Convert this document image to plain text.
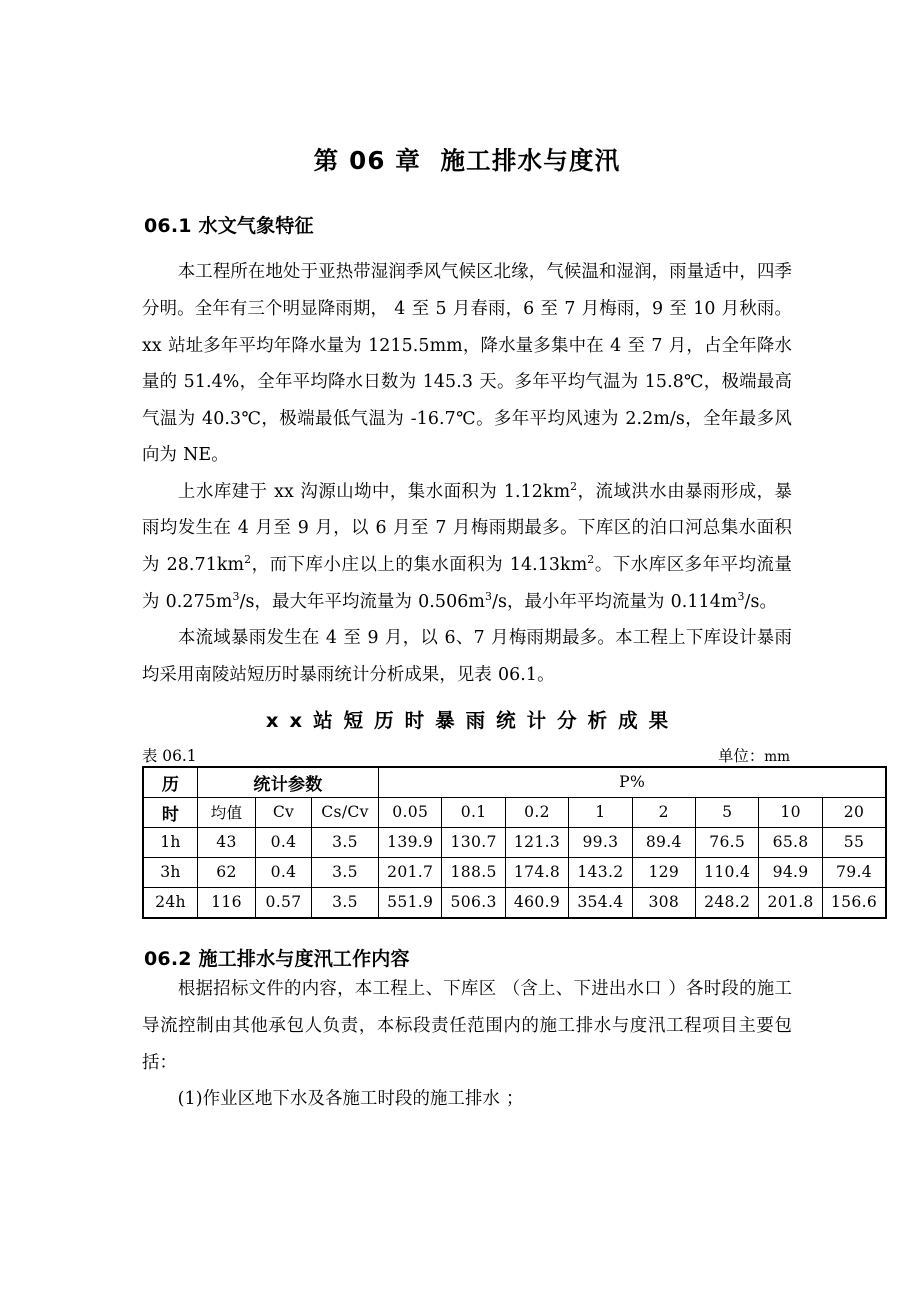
第 06 章  施工排水与度汛
06.1 水文气象特征

本工程所在地处于亚热带湿润季风气候区北缘，气候温和湿润，雨量适中，四季分明。全年有三个明显降雨期， 4 至 5 月春雨，6 至 7 月梅雨，9 至 10 月秋雨。xx 站址多年平均年降水量为 1215.5mm，降水量多集中在 4 至 7 月，占全年降水量的 51.4%，全年平均降水日数为 145.3 天。多年平均气温为 15.8℃，极端最高气温为 40.3℃，极端最低气温为 -16.7℃。多年平均风速为 2.2m/s，全年最多风向为 NE。

上水库建于 xx 沟源山坳中，集水面积为 $1.12km^2$，流域洪水由暴雨形成，暴雨均发生在 4 月至 9 月，以 6 月至 7 月梅雨期最多。下库区的泊口河总集水面积为 $28.71km^2$，而下库小庄以上的集水面积为 $14.13km^2$。下水库区多年平均流量为 $0.275m^3/s$，最大年平均流量为 $0.506m^3/s$，最小年平均流量为 $0.114m^3/s$。

本流域暴雨发生在 4 至 9 月，以 6、7 月梅雨期最多。本工程上下库设计暴雨均采用南陵站短历时暴雨统计分析成果，见表 06.1。

xx站短历时暴雨统计分析成果
表 06.1	单位：mm
历	统计参数			P%							
时	均值	Cv	Cs/Cv	0.05	0.1	0.2	1	2	5	10	20
1h	43	0.4	3.5	139.9	130.7	121.3	99.3	89.4	76.5	65.8	55
3h	62	0.4	3.5	201.7	188.5	174.8	143.2	129	110.4	94.9	79.4
24h	116	0.57	3.5	551.9	506.3	460.9	354.4	308	248.2	201.8	156.6
06.2 施工排水与度汛工作内容

根据招标文件的内容，本工程上、下库区 （含上、下进出水口 ）各时段的施工导流控制由其他承包人负责，本标段责任范围内的施工排水与度汛工程项目主要包括：

(1)作业区地下水及各施工时段的施工排水 ；
